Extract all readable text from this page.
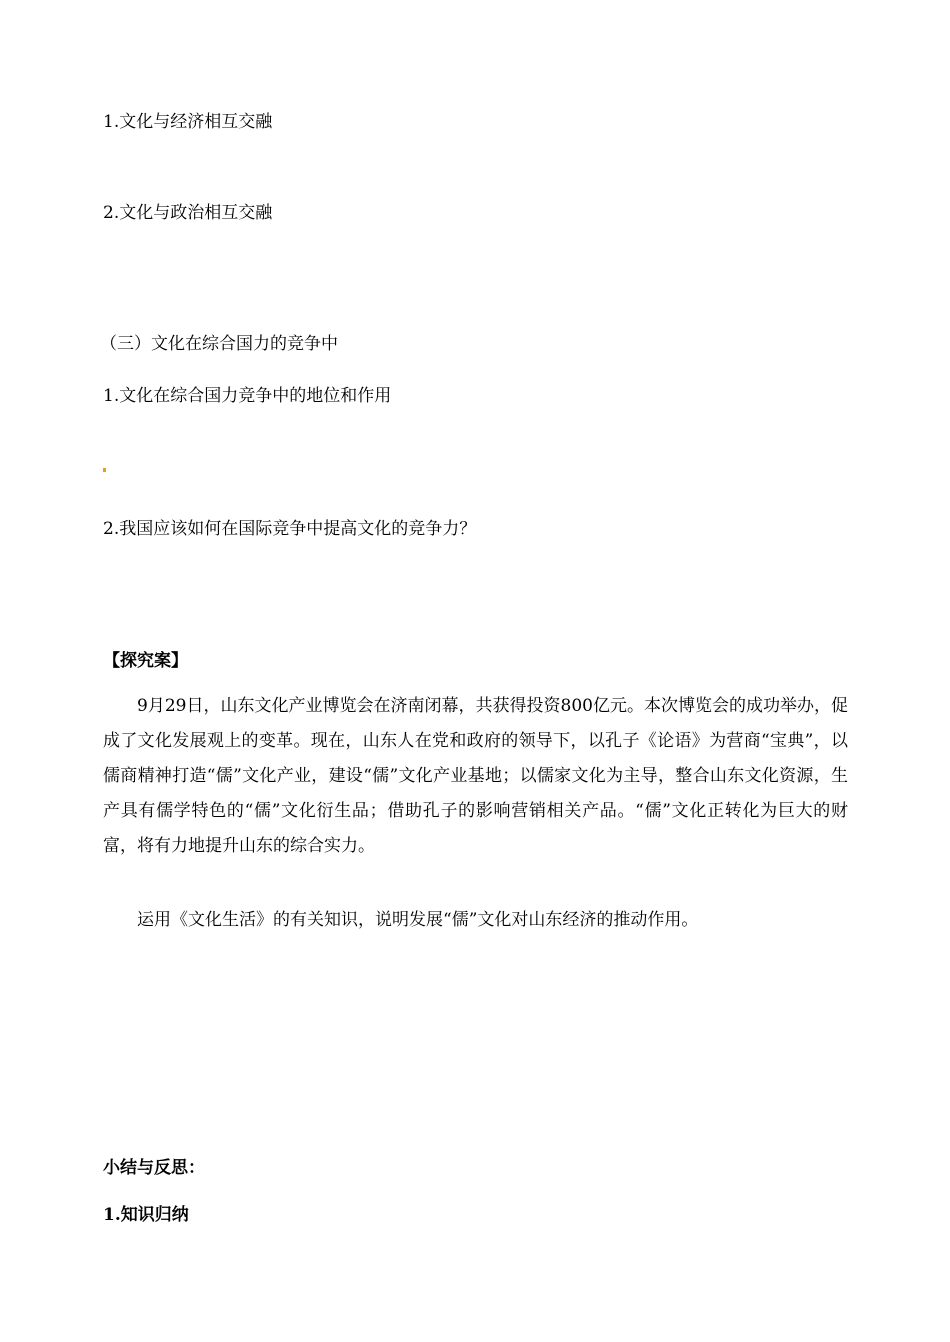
1.文化与经济相互交融
2.文化与政治相互交融
（三）文化在综合国力的竞争中
1.文化在综合国力竞争中的地位和作用
2.我国应该如何在国际竞争中提高文化的竞争力？
【探究案】
9月29日，山东文化产业博览会在济南闭幕，共获得投资800亿元。本次博览会的成功举办，促成了文化发展观上的变革。现在，山东人在党和政府的领导下，以孔子《论语》为营商“宝典”，以儒商精神打造“儒”文化产业，建设“儒”文化产业基地；以儒家文化为主导，整合山东文化资源，生产具有儒学特色的“儒”文化衍生品；借助孔子的影响营销相关产品。“儒”文化正转化为巨大的财富，将有力地提升山东的综合实力。
运用《文化生活》的有关知识，说明发展“儒”文化对山东经济的推动作用。
小结与反思：
1.知识归纳
